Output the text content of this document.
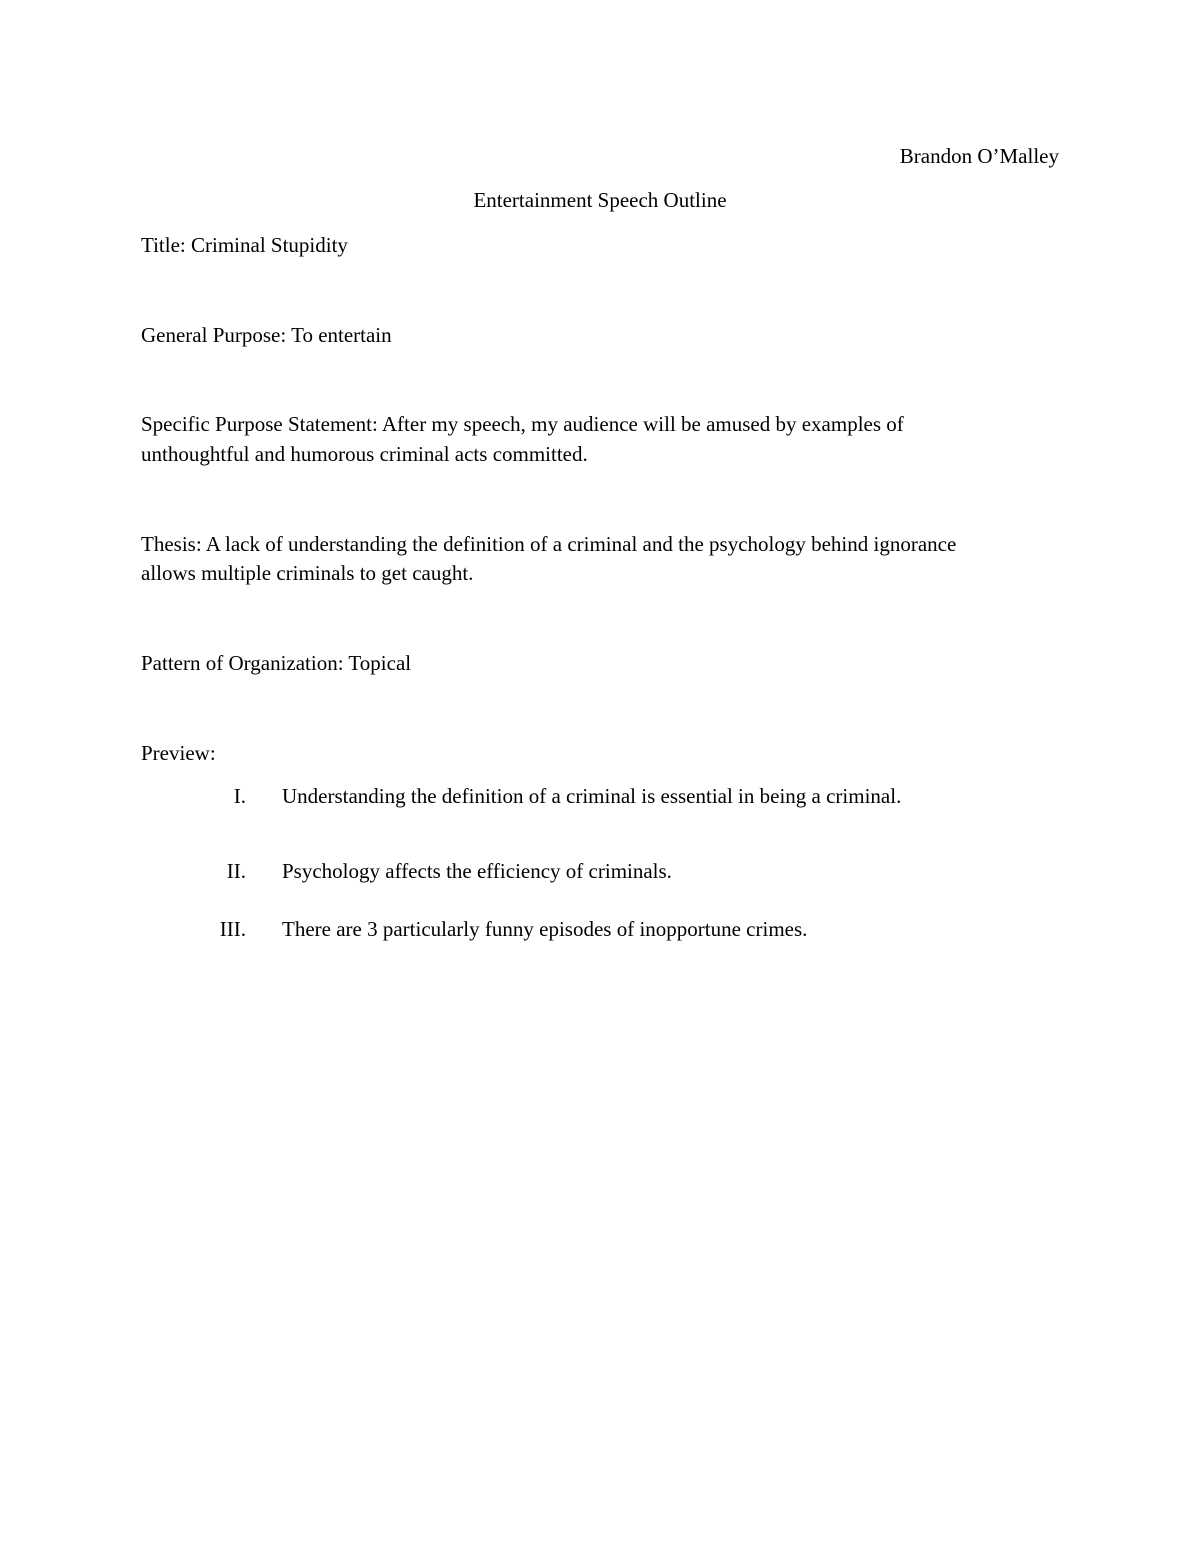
Brandon O’Malley
Entertainment Speech Outline
Title: Criminal Stupidity
General Purpose: To entertain
Specific Purpose Statement: After my speech, my audience will be amused by examples of
unthoughtful and humorous criminal acts committed.
Thesis: A lack of understanding the definition of a criminal and the psychology behind ignorance
allows multiple criminals to get caught.
Pattern of Organization: Topical
Preview:
I. Understanding the definition of a criminal is essential in being a criminal.
II. Psychology affects the efficiency of criminals.
III. There are 3 particularly funny episodes of inopportune crimes.
